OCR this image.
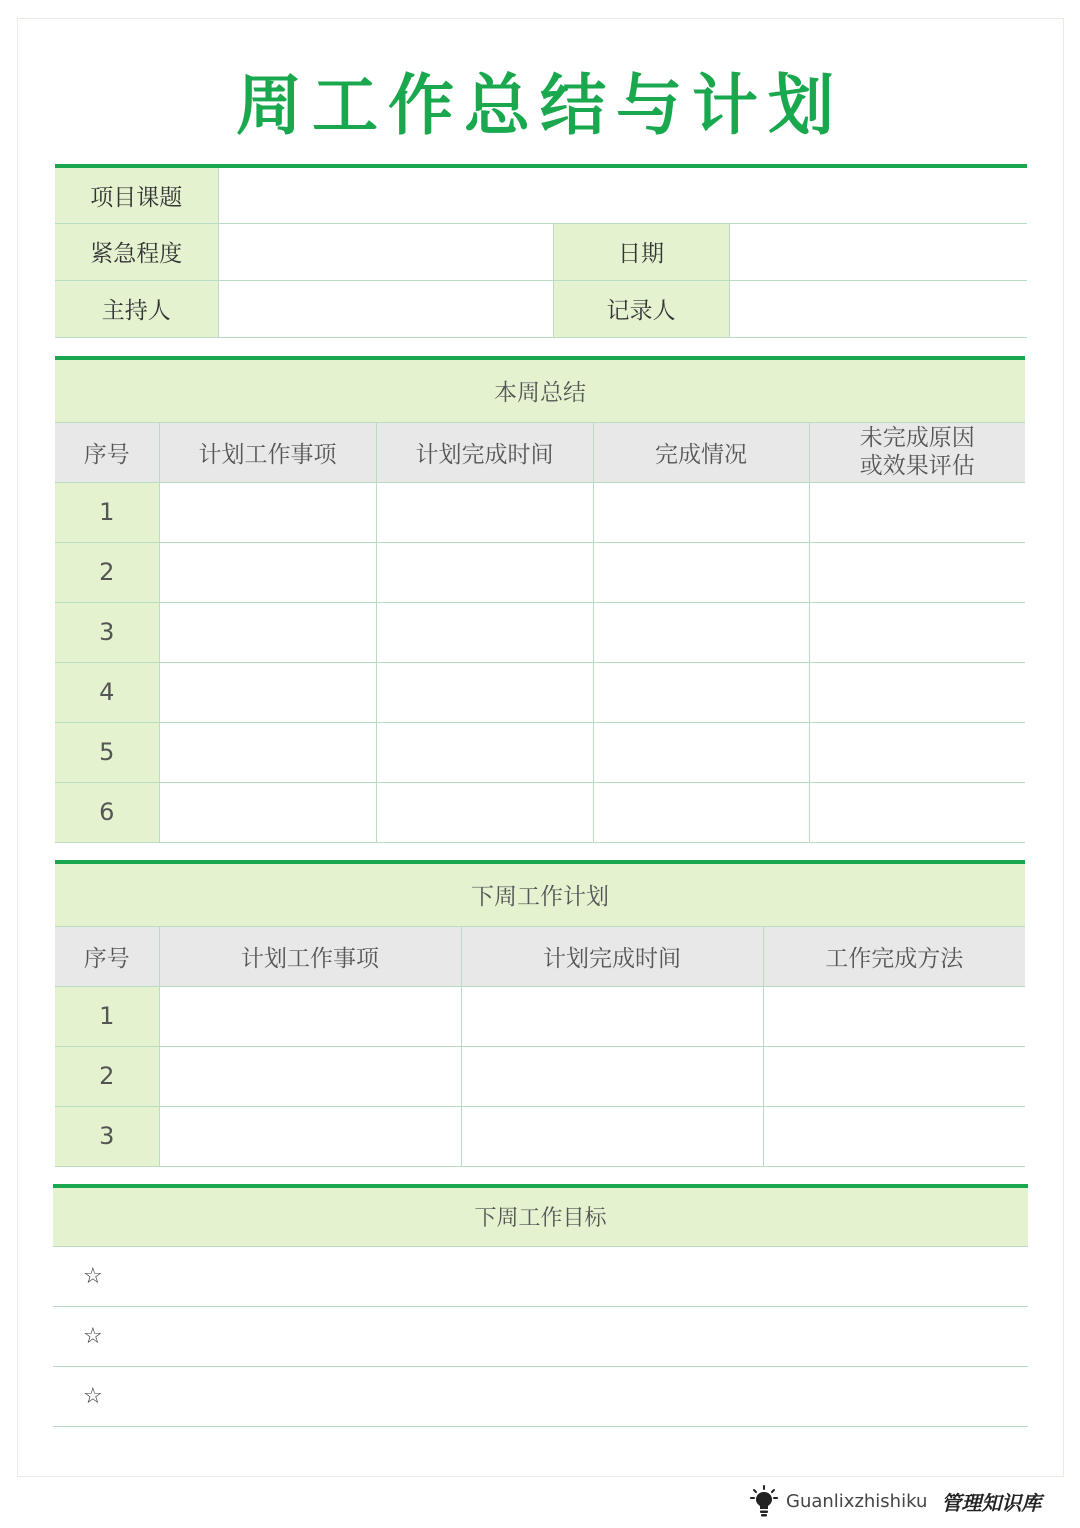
周工作总结与计划
项目课题			
紧急程度		日期	
主持人		记录人	
本周总结				
序号	计划工作事项	计划完成时间	完成情况	未完成原因
或效果评估
1				
2				
3				
4				
5				
6				
下周工作计划			
序号	计划工作事项	计划完成时间	工作完成方法
1			
2			
3			
下周工作目标
☆
☆
☆
Guanlixzhishiku 管理知识库
